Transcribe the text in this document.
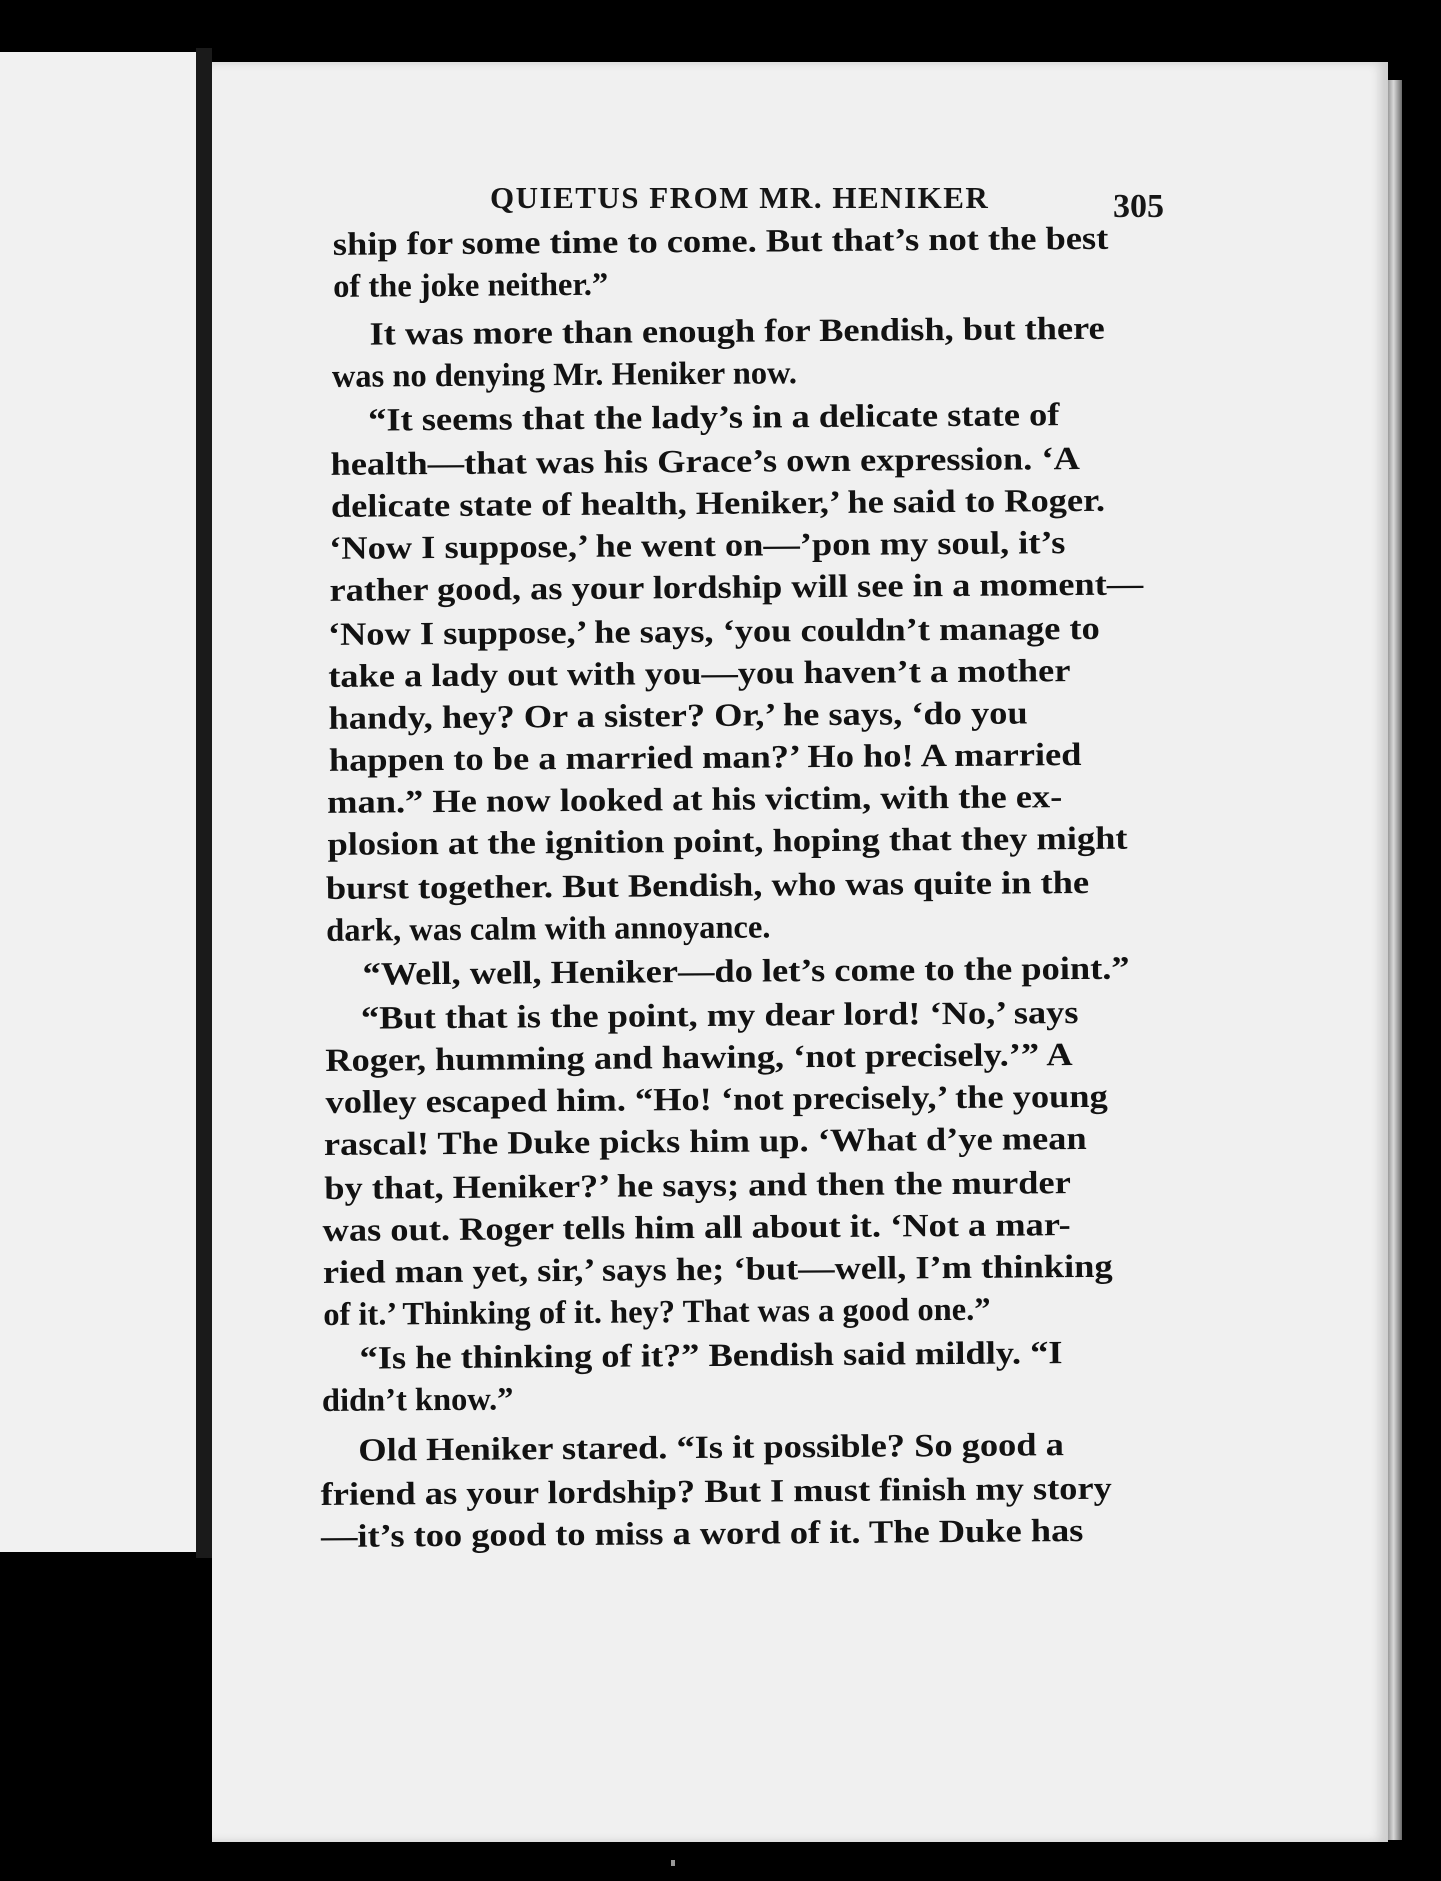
QUIETUS FROM MR. HENIKER	305
ship for some time to come. But that’s not the best
of the joke neither.”
It was more than enough for Bendish, but there
was no denying Mr. Heniker now.
“It seems that the lady’s in a delicate state of
health—that was his Grace’s own expression. ‘A
delicate state of health, Heniker,’ he said to Roger.
‘Now I suppose,’ he went on—’pon my soul, it’s
rather good, as your lordship will see in a moment—
‘Now I suppose,’ he says, ‘you couldn’t manage to
take a lady out with you—you haven’t a mother
handy, hey? Or a sister? Or,’ he says, ‘do you
happen to be a married man?’ Ho ho! A married
man.” He now looked at his victim, with the ex-
plosion at the ignition point, hoping that they might
burst together. But Bendish, who was quite in the
dark, was calm with annoyance.
“Well, well, Heniker—do let’s come to the point.”
“But that is the point, my dear lord! ‘No,’ says
Roger, humming and hawing, ‘not precisely.’” A
volley escaped him. “Ho! ‘not precisely,’ the young
rascal! The Duke picks him up. ‘What d’ye mean
by that, Heniker?’ he says; and then the murder
was out. Roger tells him all about it. ‘Not a mar-
ried man yet, sir,’ says he; ‘but—well, I’m thinking
of it.’ Thinking of it. hey? That was a good one.”
“Is he thinking of it?” Bendish said mildly. “I
didn’t know.”
Old Heniker stared. “Is it possible? So good a
friend as your lordship? But I must finish my story
—it’s too good to miss a word of it. The Duke has
